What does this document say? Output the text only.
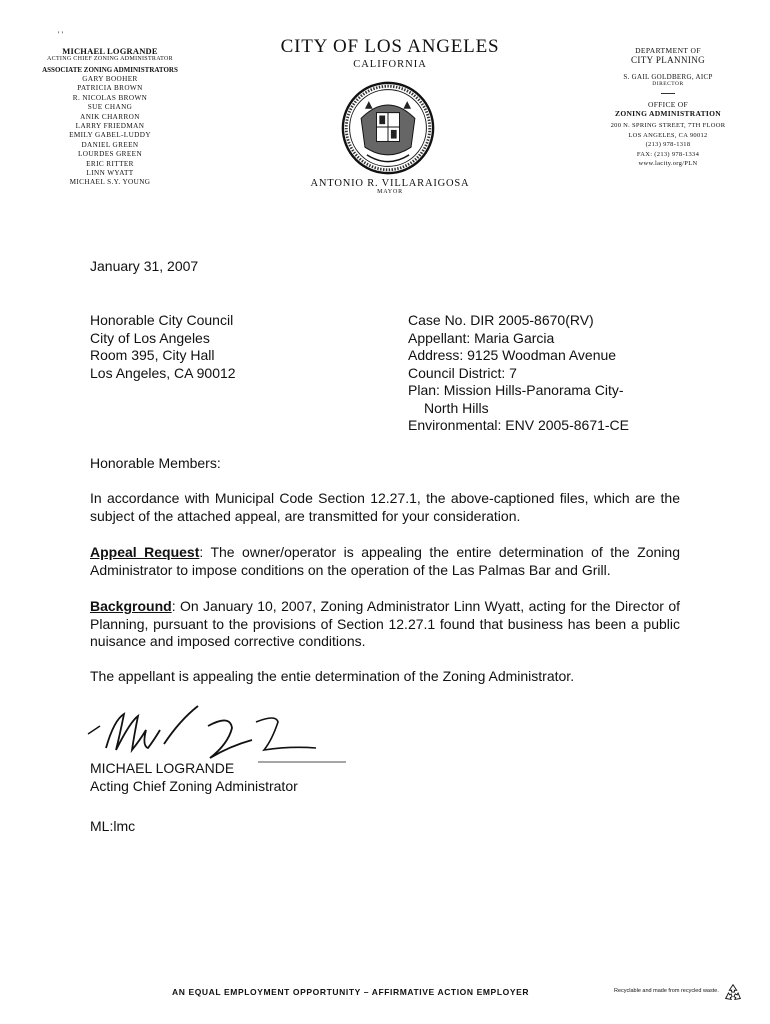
' '
MICHAEL LOGRANDE
ACTING CHIEF ZONING ADMINISTRATOR
ASSOCIATE ZONING ADMINISTRATORS
GARY BOOHER
PATRICIA BROWN
R. NICOLAS BROWN
SUE CHANG
ANIK CHARRON
LARRY FRIEDMAN
EMILY GABEL-LUDDY
DANIEL GREEN
LOURDES GREEN
ERIC RITTER
LINN WYATT
MICHAEL S.Y. YOUNG
CITY OF LOS ANGELES
CALIFORNIA
ANTONIO R. VILLARAIGOSA
MAYOR
DEPARTMENT OF
CITY PLANNING
S. GAIL GOLDBERG, AICP
DIRECTOR
OFFICE OF
ZONING ADMINISTRATION
200 N. SPRING STREET, 7TH FLOOR
LOS ANGELES, CA 90012
(213) 978-1318
FAX: (213) 978-1334
www.lacity.org/PLN
January 31, 2007
Honorable City Council
City of Los Angeles
Room 395, City Hall
Los Angeles, CA 90012
Case No. DIR 2005-8670(RV)
Appellant: Maria Garcia
Address: 9125 Woodman Avenue
Council District: 7
Plan: Mission Hills-Panorama City-
North Hills
Environmental: ENV 2005-8671-CE
Honorable Members:
In accordance with Municipal Code Section 12.27.1, the above-captioned files, which are the subject of the attached appeal, are transmitted for your consideration.
Appeal Request: The owner/operator is appealing the entire determination of the Zoning Administrator to impose conditions on the operation of the Las Palmas Bar and Grill.
Background: On January 10, 2007, Zoning Administrator Linn Wyatt, acting for the Director of Planning, pursuant to the provisions of Section 12.27.1 found that business has been a public nuisance and imposed corrective conditions.
The appellant is appealing the entie determination of the Zoning Administrator.
MICHAEL LOGRANDE
Acting Chief Zoning Administrator
ML:lmc
AN EQUAL EMPLOYMENT OPPORTUNITY – AFFIRMATIVE ACTION EMPLOYER	Recyclable and made from recycled waste.
